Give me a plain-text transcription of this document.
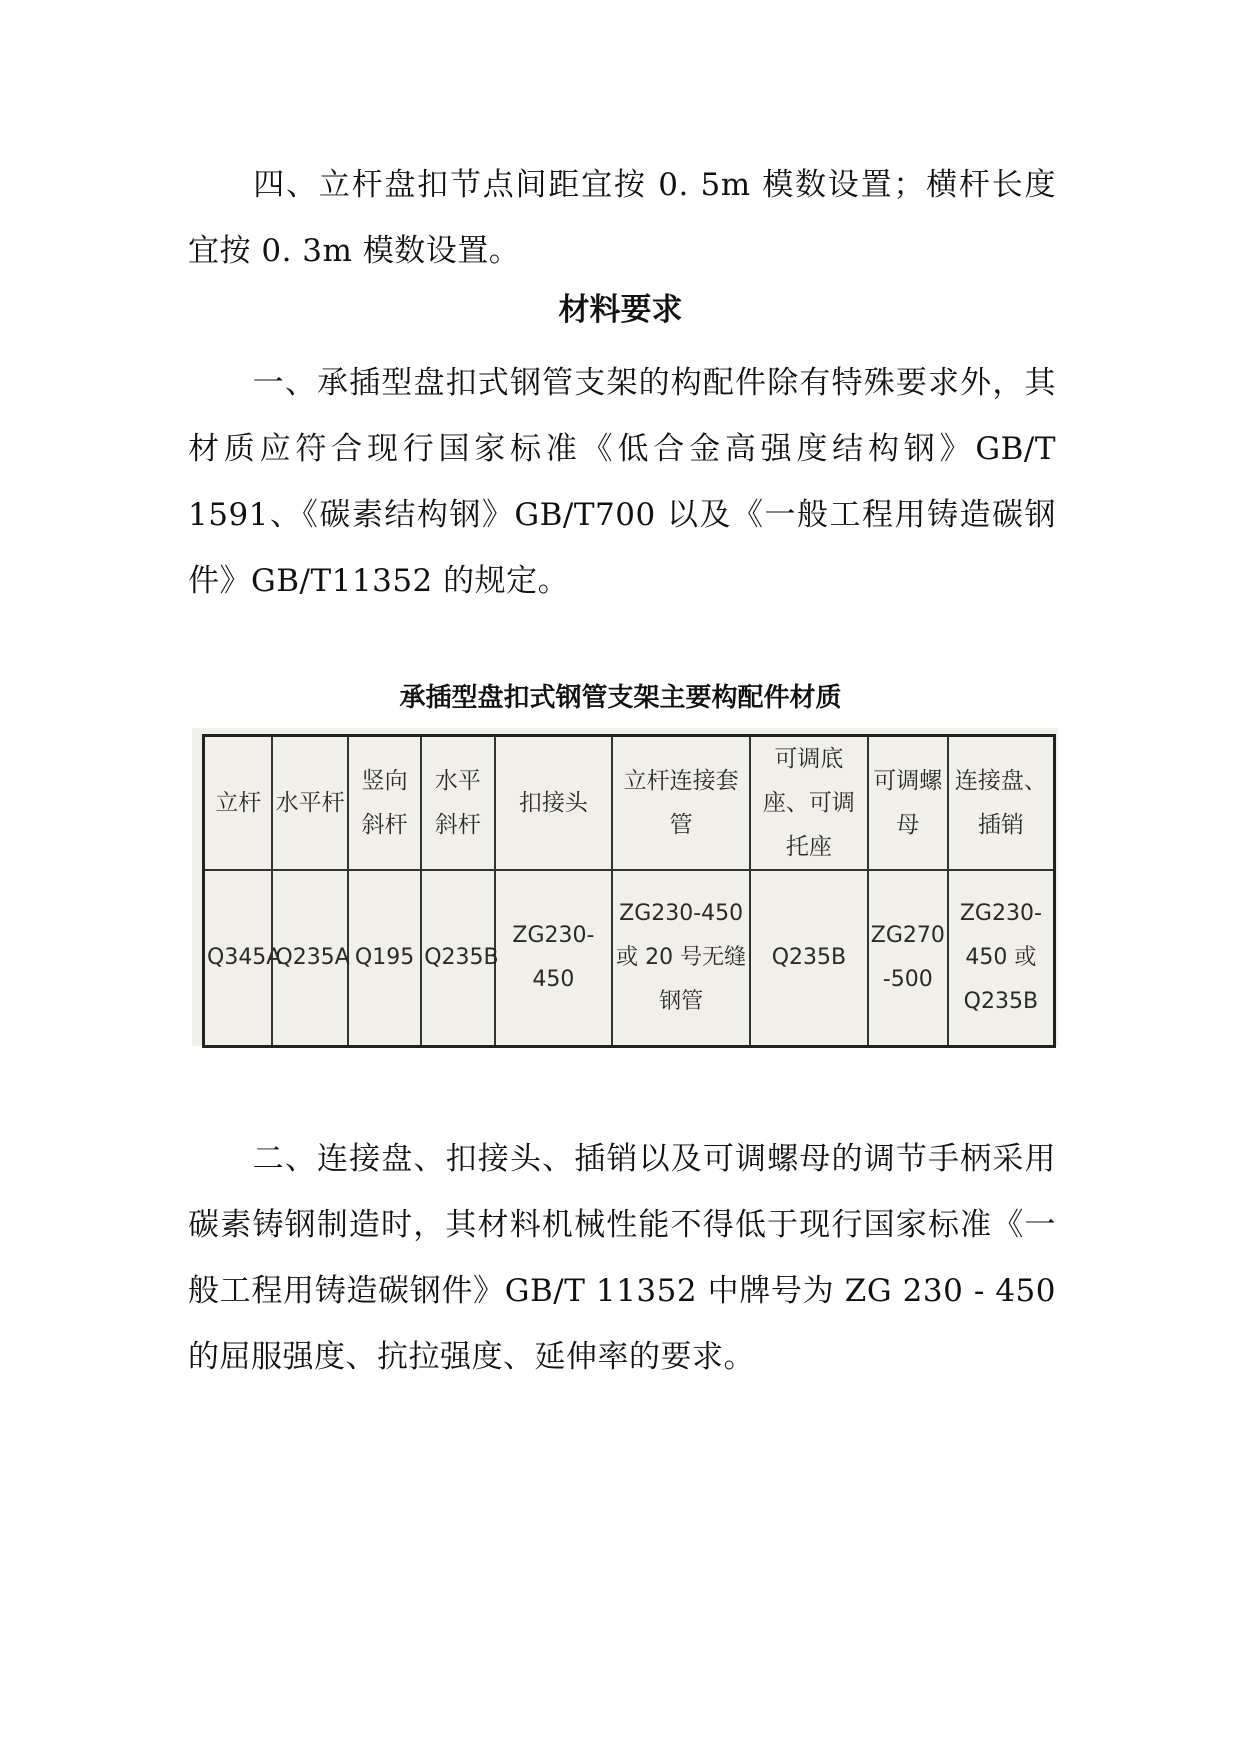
四、立杆盘扣节点间距宜按 0. 5m 模数设置；横杆长度宜按 0. 3m 模数设置。

材料要求

一、承插型盘扣式钢管支架的构配件除有特殊要求外，其材质应符合现行国家标准《低合金高强度结构钢》GB/T 1591、《碳素结构钢》GB/T700 以及《一般工程用铸造碳钢件》GB/T11352 的规定。

承插型盘扣式钢管支架主要构配件材质
立杆	水平杆	竖向斜杆	水平斜杆	扣接头	立杆连接套管	可调底座、可调托座	可调螺母	连接盘、插销
Q345A	Q235A	Q195	Q235B	ZG230-450	ZG230-450 或 20 号无缝钢管	Q235B	ZG270 -500	ZG230-450 或 Q235B

二、连接盘、扣接头、插销以及可调螺母的调节手柄采用碳素铸钢制造时，其材料机械性能不得低于现行国家标准《一般工程用铸造碳钢件》GB/T 11352 中牌号为 ZG 230 - 450 的屈服强度、抗拉强度、延伸率的要求。
